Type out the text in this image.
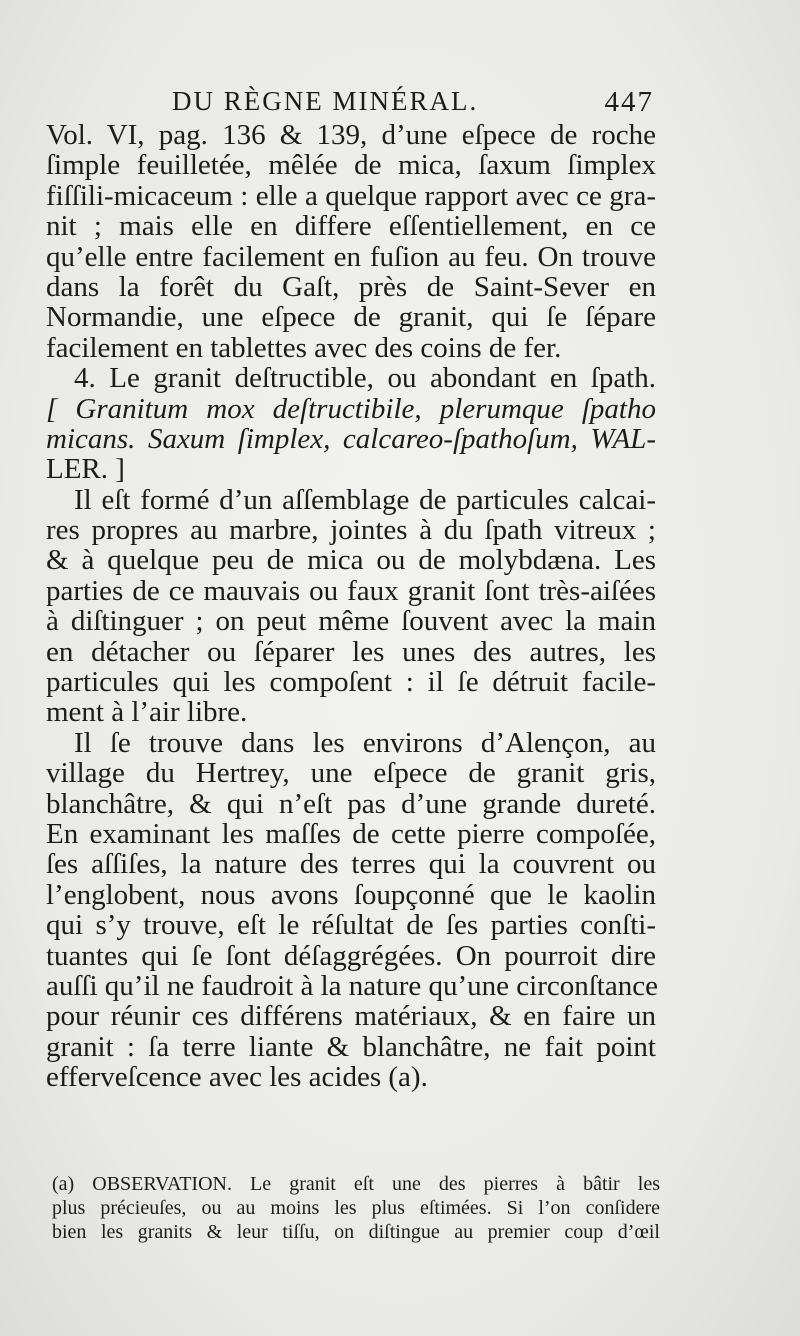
DU RÈGNE MINÉRAL.	447
Vol. VI, pag. 136 & 139, d’une eſpece de roche
ſimple feuilletée, mêlée de mica, ſaxum ſimplex
fiſſili-micaceum : elle a quelque rapport avec ce gra-
nit ; mais elle en differe eſſentiellement, en ce
qu’elle entre facilement en fuſion au feu. On trouve
dans la forêt du Gaſt, près de Saint-Sever en
Normandie, une eſpece de granit, qui ſe ſépare
facilement en tablettes avec des coins de fer.
4. Le granit deſtructible, ou abondant en ſpath.
[ Granitum mox deſtructibile, plerumque ſpatho
micans. Saxum ſimplex, calcareo-ſpathoſum, WAL-
LER. ]
Il eſt formé d’un aſſemblage de particules calcai-
res propres au marbre, jointes à du ſpath vitreux ;
& à quelque peu de mica ou de molybdæna. Les
parties de ce mauvais ou faux granit ſont très-aiſées
à diſtinguer ; on peut même ſouvent avec la main
en détacher ou ſéparer les unes des autres, les
particules qui les compoſent : il ſe détruit facile-
ment à l’air libre.
Il ſe trouve dans les environs d’Alençon, au
village du Hertrey, une eſpece de granit gris,
blanchâtre, & qui n’eſt pas d’une grande dureté.
En examinant les maſſes de cette pierre compoſée,
ſes aſſiſes, la nature des terres qui la couvrent ou
l’englobent, nous avons ſoupçonné que le kaolin
qui s’y trouve, eſt le réſultat de ſes parties conſti-
tuantes qui ſe ſont déſaggrégées. On pourroit dire
auſſi qu’il ne faudroit à la nature qu’une circonſtance
pour réunir ces différens matériaux, & en faire un
granit : ſa terre liante & blanchâtre, ne fait point
efferveſcence avec les acides (a).
(a) OBSERVATION. Le granit eſt une des pierres à bâtir les
plus précieuſes, ou au moins les plus eſtimées. Si l’on conſidere
bien les granits & leur tiſſu, on diſtingue au premier coup d’œil
